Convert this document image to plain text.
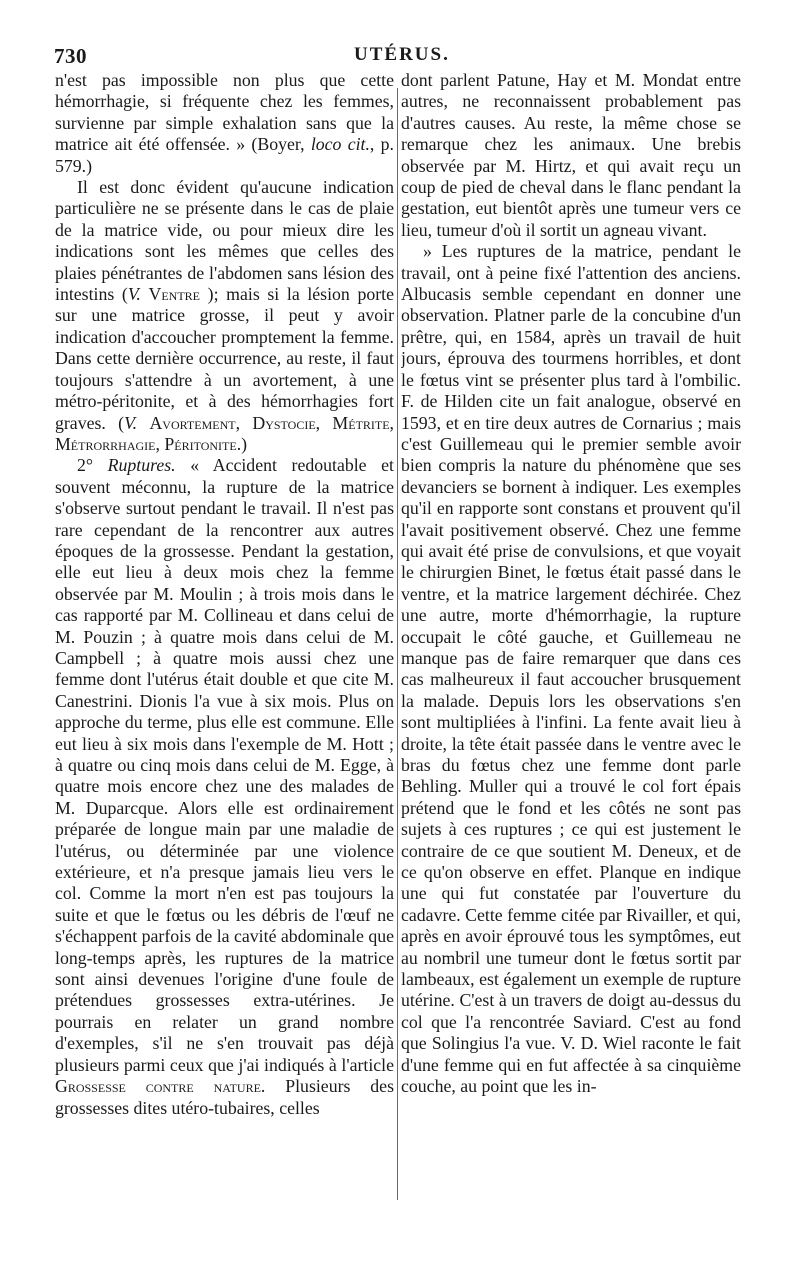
730	UTÉRUS.

n'est pas impossible non plus que cette hémorrhagie, si fréquente chez les femmes, survienne par simple exhalation sans que la matrice ait été offensée. » (Boyer, loco cit., p. 579.)

Il est donc évident qu'aucune indication particulière ne se présente dans le cas de plaie de la matrice vide, ou pour mieux dire les indications sont les mêmes que celles des plaies pénétrantes de l'abdomen sans lésion des intestins (V. Ventre ); mais si la lésion porte sur une matrice grosse, il peut y avoir indication d'accoucher promptement la femme. Dans cette dernière occurrence, au reste, il faut toujours s'attendre à un avortement, à une métro-péritonite, et à des hémorrhagies fort graves. (V. Avortement, Dystocie, Métrite, Métrorrhagie, Péritonite.)

2° Ruptures. « Accident redoutable et souvent méconnu, la rupture de la matrice s'observe surtout pendant le travail. Il n'est pas rare cependant de la rencontrer aux autres époques de la grossesse. Pendant la gestation, elle eut lieu à deux mois chez la femme observée par M. Moulin ; à trois mois dans le cas rapporté par M. Collineau et dans celui de M. Pouzin ; à quatre mois dans celui de M. Campbell ; à quatre mois aussi chez une femme dont l'utérus était double et que cite M. Canestrini. Dionis l'a vue à six mois. Plus on approche du terme, plus elle est commune. Elle eut lieu à six mois dans l'exemple de M. Hott ; à quatre ou cinq mois dans celui de M. Egge, à quatre mois encore chez une des malades de M. Duparcque. Alors elle est ordinairement préparée de longue main par une maladie de l'utérus, ou déterminée par une violence extérieure, et n'a presque jamais lieu vers le col. Comme la mort n'en est pas toujours la suite et que le fœtus ou les débris de l'œuf ne s'échappent parfois de la cavité abdominale que long-temps après, les ruptures de la matrice sont ainsi devenues l'origine d'une foule de prétendues grossesses extra-utérines. Je pourrais en relater un grand nombre d'exemples, s'il ne s'en trouvait pas déjà plusieurs parmi ceux que j'ai indiqués à l'article Grossesse contre nature. Plusieurs des grossesses dites utéro-tubaires, celles

dont parlent Patune, Hay et M. Mondat entre autres, ne reconnaissent probablement pas d'autres causes. Au reste, la même chose se remarque chez les animaux. Une brebis observée par M. Hirtz, et qui avait reçu un coup de pied de cheval dans le flanc pendant la gestation, eut bientôt après une tumeur vers ce lieu, tumeur d'où il sortit un agneau vivant.

» Les ruptures de la matrice, pendant le travail, ont à peine fixé l'attention des anciens. Albucasis semble cependant en donner une observation. Platner parle de la concubine d'un prêtre, qui, en 1584, après un travail de huit jours, éprouva des tourmens horribles, et dont le fœtus vint se présenter plus tard à l'ombilic. F. de Hilden cite un fait analogue, observé en 1593, et en tire deux autres de Cornarius ; mais c'est Guillemeau qui le premier semble avoir bien compris la nature du phénomène que ses devanciers se bornent à indiquer. Les exemples qu'il en rapporte sont constans et prouvent qu'il l'avait positivement observé. Chez une femme qui avait été prise de convulsions, et que voyait le chirurgien Binet, le fœtus était passé dans le ventre, et la matrice largement déchirée. Chez une autre, morte d'hémorrhagie, la rupture occupait le côté gauche, et Guillemeau ne manque pas de faire remarquer que dans ces cas malheureux il faut accoucher brusquement la malade. Depuis lors les observations s'en sont multipliées à l'infini. La fente avait lieu à droite, la tête était passée dans le ventre avec le bras du fœtus chez une femme dont parle Behling. Muller qui a trouvé le col fort épais prétend que le fond et les côtés ne sont pas sujets à ces ruptures ; ce qui est justement le contraire de ce que soutient M. Deneux, et de ce qu'on observe en effet. Planque en indique une qui fut constatée par l'ouverture du cadavre. Cette femme citée par Rivailler, et qui, après en avoir éprouvé tous les symptômes, eut au nombril une tumeur dont le fœtus sortit par lambeaux, est également un exemple de rupture utérine. C'est à un travers de doigt au-dessus du col que l'a rencontrée Saviard. C'est au fond que Solingius l'a vue. V. D. Wiel raconte le fait d'une femme qui en fut affectée à sa cinquième couche, au point que les in-
